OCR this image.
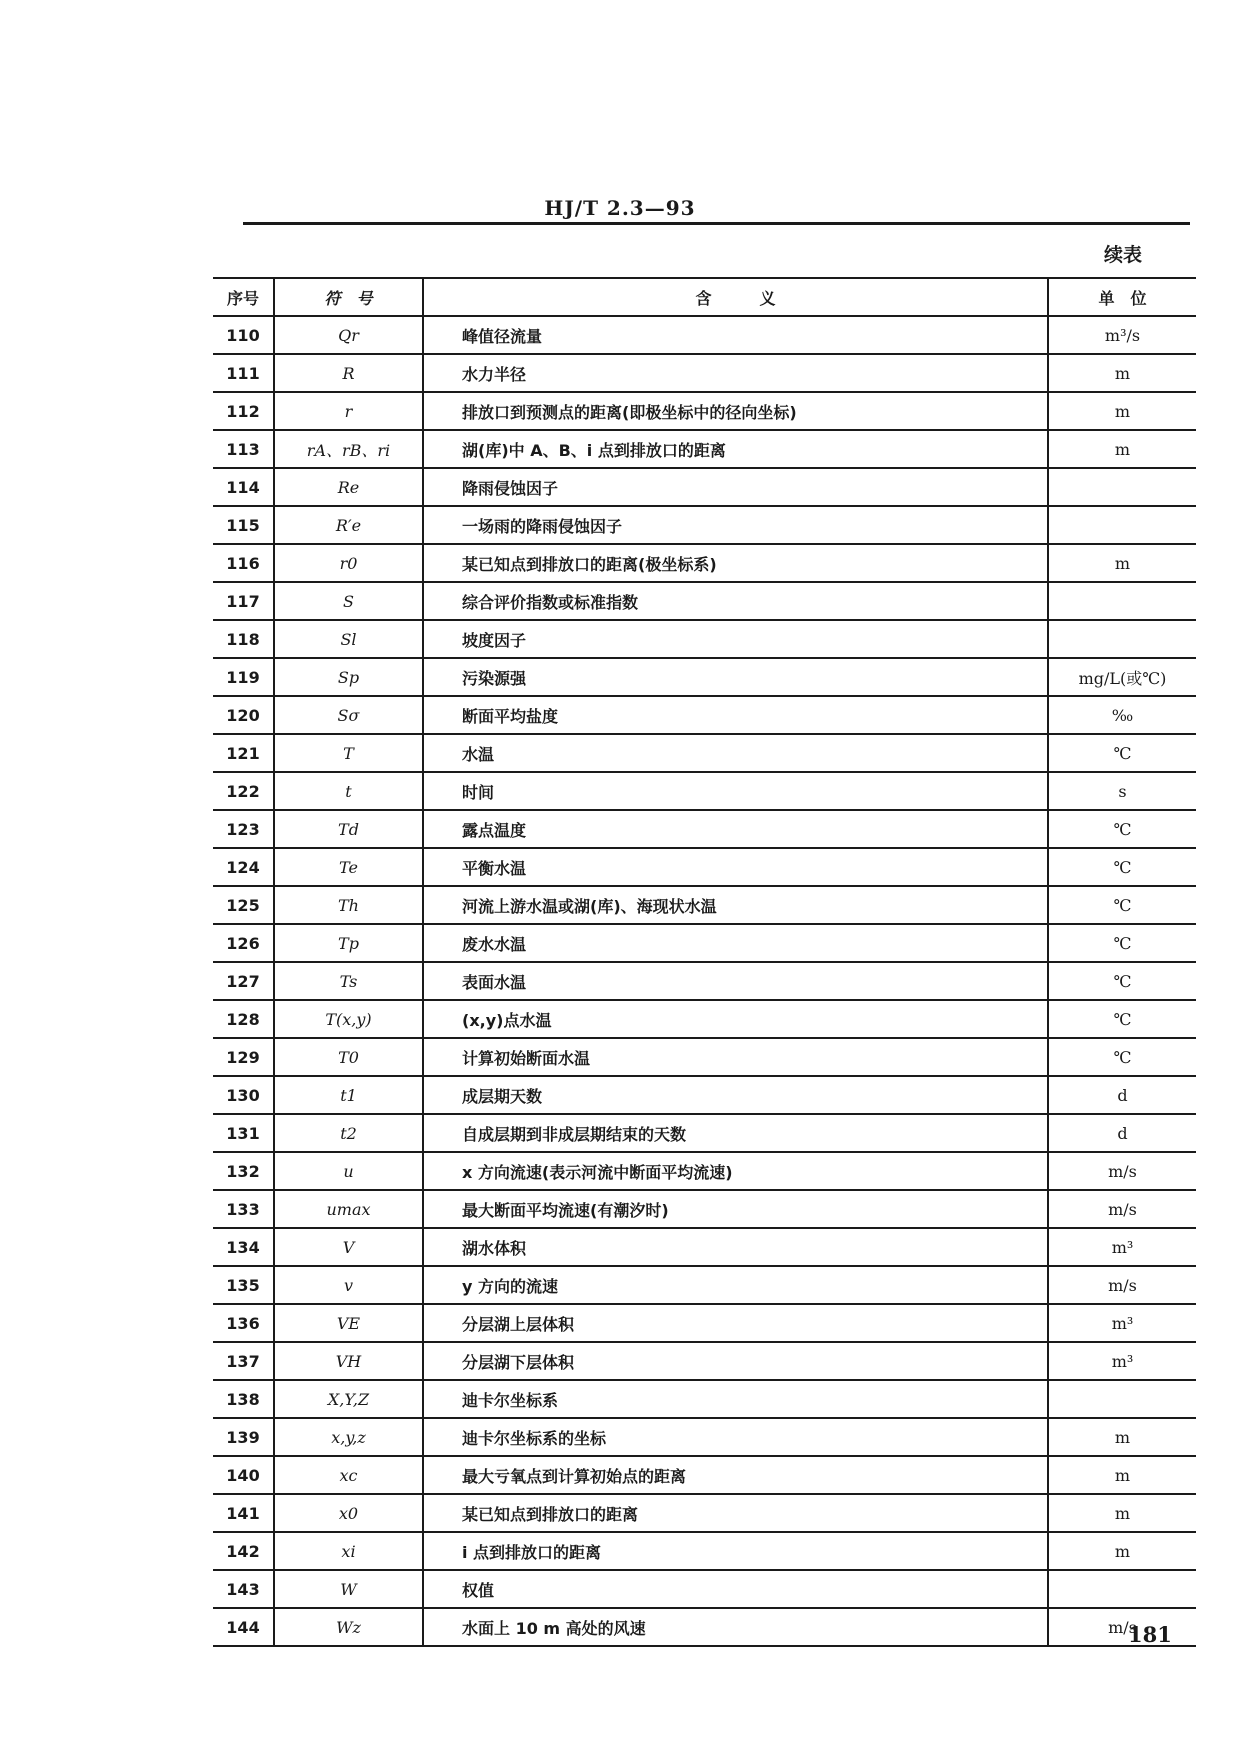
HJ/T 2.3—93
续表
序号	符　号	含　　　义	单　位
110	Qr	峰值径流量	m³/s
111	R	水力半径	m
112	r	排放口到预测点的距离(即极坐标中的径向坐标)	m
113	rA、rB、ri	湖(库)中 A、B、i 点到排放口的距离	m
114	Re	降雨侵蚀因子	
115	R′e	一场雨的降雨侵蚀因子	
116	r0	某已知点到排放口的距离(极坐标系)	m
117	S	综合评价指数或标准指数	
118	Sl	坡度因子	
119	Sp	污染源强	mg/L(或℃)
120	Sσ	断面平均盐度	‰
121	T	水温	℃
122	t	时间	s
123	Td	露点温度	℃
124	Te	平衡水温	℃
125	Th	河流上游水温或湖(库)、海现状水温	℃
126	Tp	废水水温	℃
127	Ts	表面水温	℃
128	T(x,y)	(x,y)点水温	℃
129	T0	计算初始断面水温	℃
130	t1	成层期天数	d
131	t2	自成层期到非成层期结束的天数	d
132	u	x 方向流速(表示河流中断面平均流速)	m/s
133	umax	最大断面平均流速(有潮汐时)	m/s
134	V	湖水体积	m³
135	v	y 方向的流速	m/s
136	VE	分层湖上层体积	m³
137	VH	分层湖下层体积	m³
138	X,Y,Z	迪卡尔坐标系	
139	x,y,z	迪卡尔坐标系的坐标	m
140	xc	最大亏氧点到计算初始点的距离	m
141	x0	某已知点到排放口的距离	m
142	xi	i 点到排放口的距离	m
143	W	权值	
144	Wz	水面上 10 m 高处的风速	m/s
181
